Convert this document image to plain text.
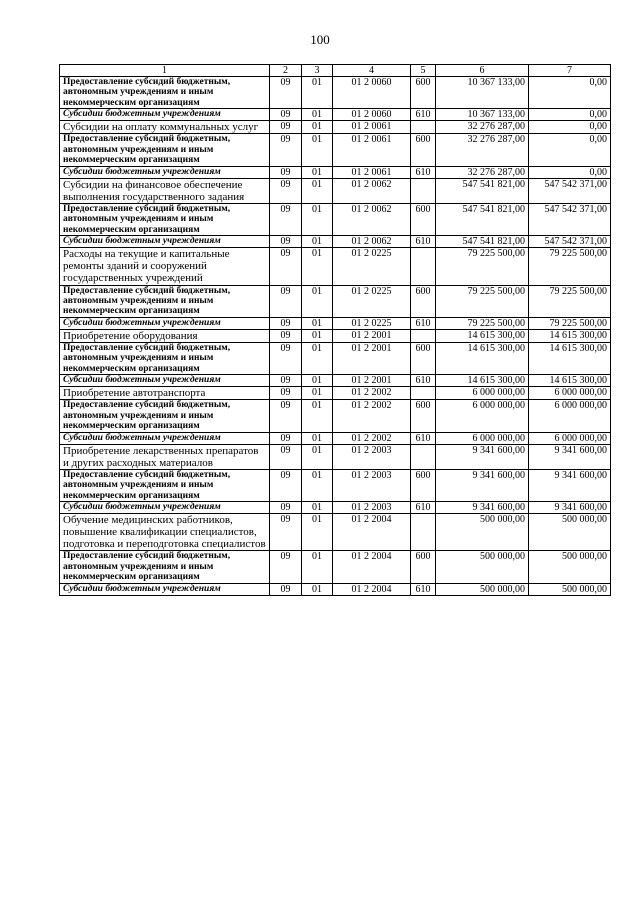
100
1	2	3	4	5	6	7
Предоставление субсидий бюджетным, автономным учреждениям и иным некоммерческим организациям	09	01	01 2 0060	600	10 367 133,00	0,00
Субсидии бюджетным учреждениям	09	01	01 2 0060	610	10 367 133,00	0,00
Субсидии на оплату коммунальных услуг	09	01	01 2 0061		32 276 287,00	0,00
Предоставление субсидий бюджетным, автономным учреждениям и иным некоммерческим организациям	09	01	01 2 0061	600	32 276 287,00	0,00
Субсидии бюджетным учреждениям	09	01	01 2 0061	610	32 276 287,00	0,00
Субсидии на финансовое обеспечение выполнения государственного задания	09	01	01 2 0062		547 541 821,00	547 542 371,00
Предоставление субсидий бюджетным, автономным учреждениям и иным некоммерческим организациям	09	01	01 2 0062	600	547 541 821,00	547 542 371,00
Субсидии бюджетным учреждениям	09	01	01 2 0062	610	547 541 821,00	547 542 371,00
Расходы на текущие и капитальные ремонты зданий и сооружений государственных учреждений	09	01	01 2 0225		79 225 500,00	79 225 500,00
Предоставление субсидий бюджетным, автономным учреждениям и иным некоммерческим организациям	09	01	01 2 0225	600	79 225 500,00	79 225 500,00
Субсидии бюджетным учреждениям	09	01	01 2 0225	610	79 225 500,00	79 225 500,00
Приобретение оборудования	09	01	01 2 2001		14 615 300,00	14 615 300,00
Предоставление субсидий бюджетным, автономным учреждениям и иным некоммерческим организациям	09	01	01 2 2001	600	14 615 300,00	14 615 300,00
Субсидии бюджетным учреждениям	09	01	01 2 2001	610	14 615 300,00	14 615 300,00
Приобретение автотранспорта	09	01	01 2 2002		6 000 000,00	6 000 000,00
Предоставление субсидий бюджетным, автономным учреждениям и иным некоммерческим организациям	09	01	01 2 2002	600	6 000 000,00	6 000 000,00
Субсидии бюджетным учреждениям	09	01	01 2 2002	610	6 000 000,00	6 000 000,00
Приобретение лекарственных препаратов и других расходных материалов	09	01	01 2 2003		9 341 600,00	9 341 600,00
Предоставление субсидий бюджетным, автономным учреждениям и иным некоммерческим организациям	09	01	01 2 2003	600	9 341 600,00	9 341 600,00
Субсидии бюджетным учреждениям	09	01	01 2 2003	610	9 341 600,00	9 341 600,00
Обучение медицинских работников, повышение квалификации специалистов, подготовка и переподготовка специалистов	09	01	01 2 2004		500 000,00	500 000,00
Предоставление субсидий бюджетным, автономным учреждениям и иным некоммерческим организациям	09	01	01 2 2004	600	500 000,00	500 000,00
Субсидии бюджетным учреждениям	09	01	01 2 2004	610	500 000,00	500 000,00
